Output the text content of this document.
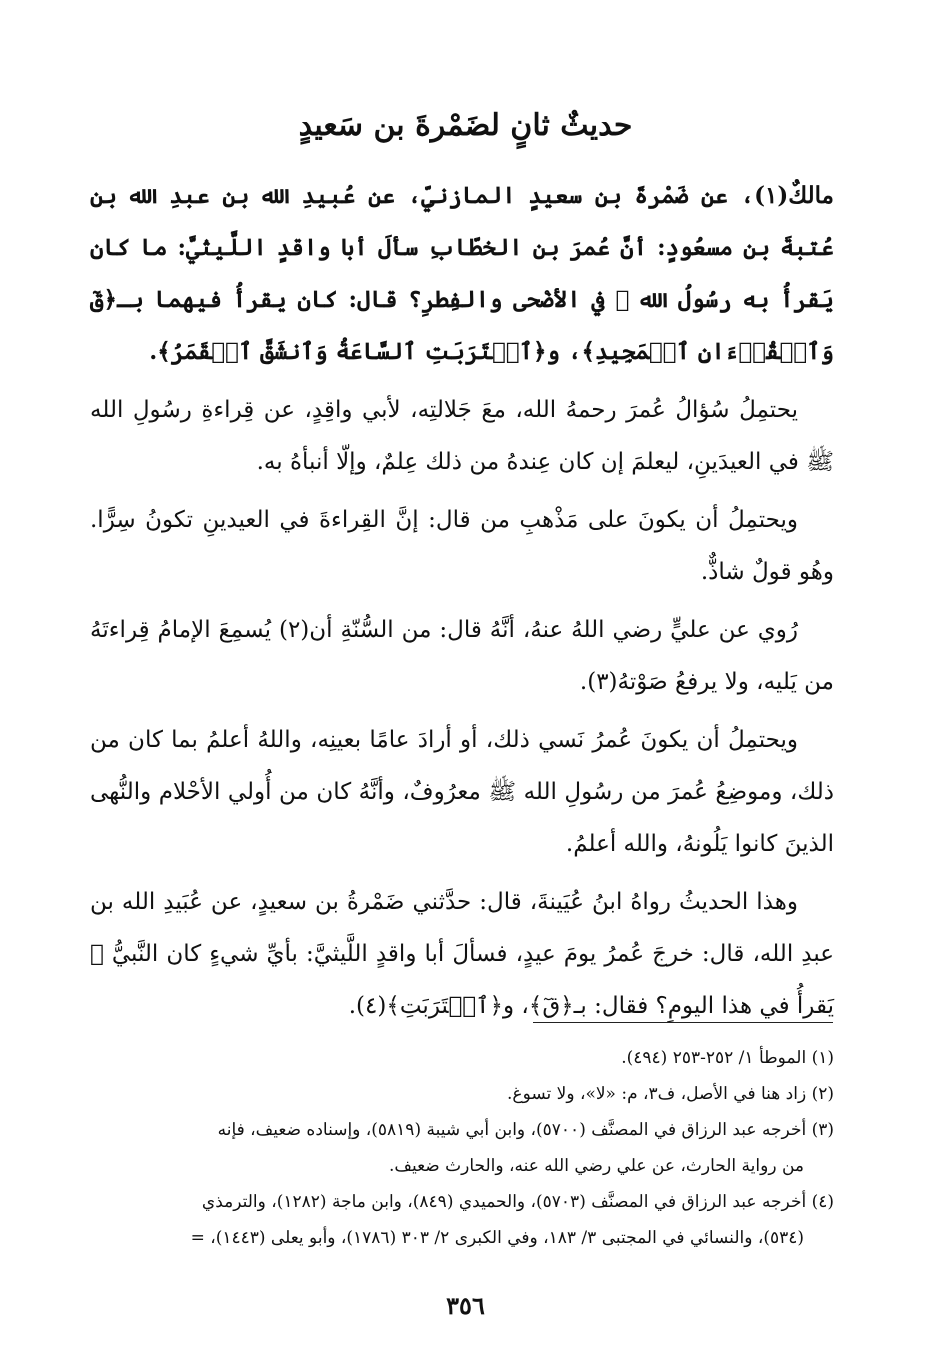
حديثٌ ثانٍ لضَمْرةَ بن سَعيدٍ

مالكٌ(١)، عن ضَمْرةَ بن سعيدٍ المازنيِّ، عن عُبيدِ الله بن عبدِ الله بن عُتبةَ بن مسعُودٍ: أنَّ عُمرَ بن الخطّابِ سألَ أبا واقدٍ اللَّيثيَّ: ما كان يَقرأُ به رسُولُ الله ﷺ في الأضْحى والفِطرِ؟ قال: كان يقرأُ فيهما بـ﴿قٓ وَٱلۡقُرۡءَانِ ٱلۡمَجِيدِ﴾، و﴿ٱقۡتَرَبَتِ ٱلسَّاعَةُ وَٱنشَقَّ ٱلۡقَمَرُ﴾.

يحتمِلُ سُؤالُ عُمرَ رحمهُ الله، معَ جَلالتِه، لأبي واقِدٍ، عن قِراءةِ رسُولِ الله ﷺ في العيدَينِ، ليعلمَ إن كان عِندهُ من ذلك عِلمٌ، وإلّا أنبأهُ به.

ويحتمِلُ أن يكونَ على مَذْهبِ من قال: إنَّ القِراءةَ في العيدينِ تكونُ سِرًّا. وهُو قولٌ شاذٌّ.

رُوي عن عليٍّ رضي اللهُ عنهُ، أنَّهُ قال: من السُّنّةِ أن(٢) يُسمِعَ الإمامُ قِراءتَهُ من يَليه، ولا يرفعُ صَوْتهُ(٣).

ويحتمِلُ أن يكونَ عُمرُ نَسي ذلك، أو أرادَ عامًا بعينِه، واللهُ أعلمُ بما كان من ذلك، وموضِعُ عُمرَ من رسُولِ الله ﷺ معرُوفٌ، وأنَّهُ كان من أُولي الأحْلام والنُّهى الذينَ كانوا يَلُونهُ، والله أعلمُ.

وهذا الحديثُ رواهُ ابنُ عُيَينةَ، قال: حدَّثني ضَمْرةُ بن سعيدٍ، عن عُبَيدِ الله بن عبدِ الله، قال: خرجَ عُمرُ يومَ عيدٍ، فسألَ أبا واقدٍ اللَّيثيَّ: بأيِّ شيءٍ كان النَّبيُّ ﷺ يَقرأُ في هذا اليومِ؟ فقال: بـ﴿قٓ﴾، و﴿ٱقۡتَرَبَتِ﴾(٤).

(١) الموطأ ١/ ٢٥٢-٢٥٣ (٤٩٤).

(٢) زاد هنا في الأصل، ف٣، م: «لا»، ولا تسوغ.

(٣) أخرجه عبد الرزاق في المصنَّف (٥٧٠٠)، وابن أبي شيبة (٥٨١٩)، وإسناده ضعيف، فإنه

من رواية الحارث، عن علي رضي الله عنه، والحارث ضعيف.

(٤) أخرجه عبد الرزاق في المصنَّف (٥٧٠٣)، والحميدي (٨٤٩)، وابن ماجة (١٢٨٢)، والترمذي

(٥٣٤)، والنسائي في المجتبى ٣/ ١٨٣، وفي الكبرى ٢/ ٣٠٣ (١٧٨٦)، وأبو يعلى (١٤٤٣)، =

٣٥٦
